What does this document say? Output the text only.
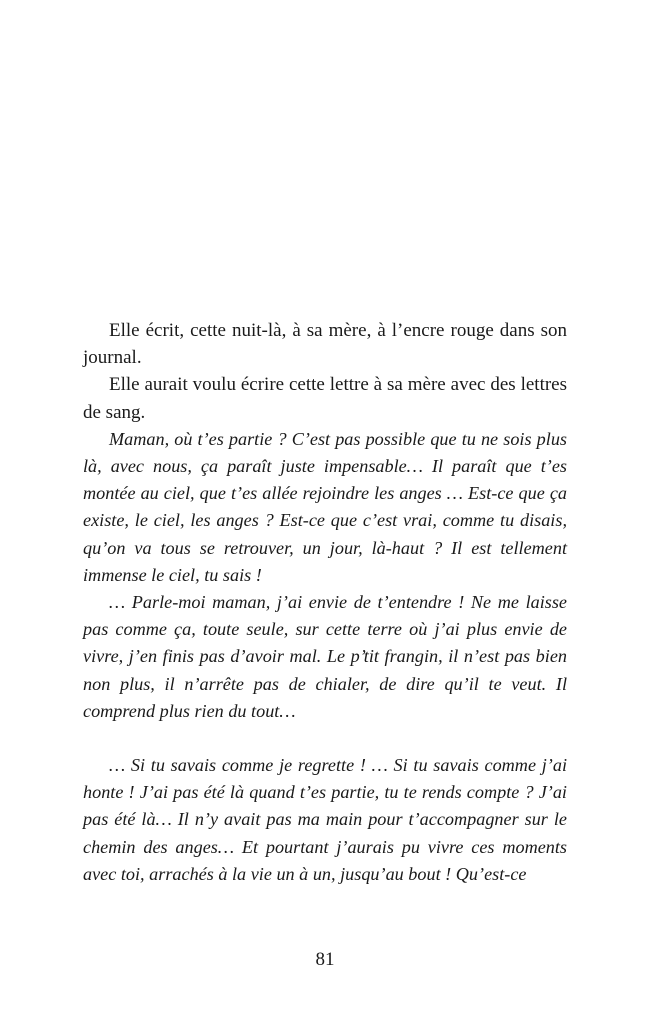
Elle écrit, cette nuit-là, à sa mère, à l’encre rouge dans son journal.

Elle aurait voulu écrire cette lettre à sa mère avec des lettres de sang.

Maman, où t’es partie ? C’est pas possible que tu ne sois plus là, avec nous, ça paraît juste impensable… Il paraît que t’es montée au ciel, que t’es allée rejoindre les anges … Est-ce que ça existe, le ciel, les anges ? Est-ce que c’est vrai, comme tu disais, qu’on va tous se retrouver, un jour, là-haut ? Il est tellement immense le ciel, tu sais !

… Parle-moi maman, j’ai envie de t’entendre ! Ne me laisse pas comme ça, toute seule, sur cette terre où j’ai plus envie de vivre, j’en finis pas d’avoir mal. Le p’tit frangin, il n’est pas bien non plus, il n’arrête pas de chialer, de dire qu’il te veut. Il comprend plus rien du tout…

… Si tu savais comme je regrette ! … Si tu savais comme j’ai honte ! J’ai pas été là quand t’es partie, tu te rends compte ? J’ai pas été là… Il n’y avait pas ma main pour t’accompagner sur le chemin des anges… Et pourtant j’aurais pu vivre ces moments avec toi, arrachés à la vie un à un, jusqu’au bout ! Qu’est-ce

81
